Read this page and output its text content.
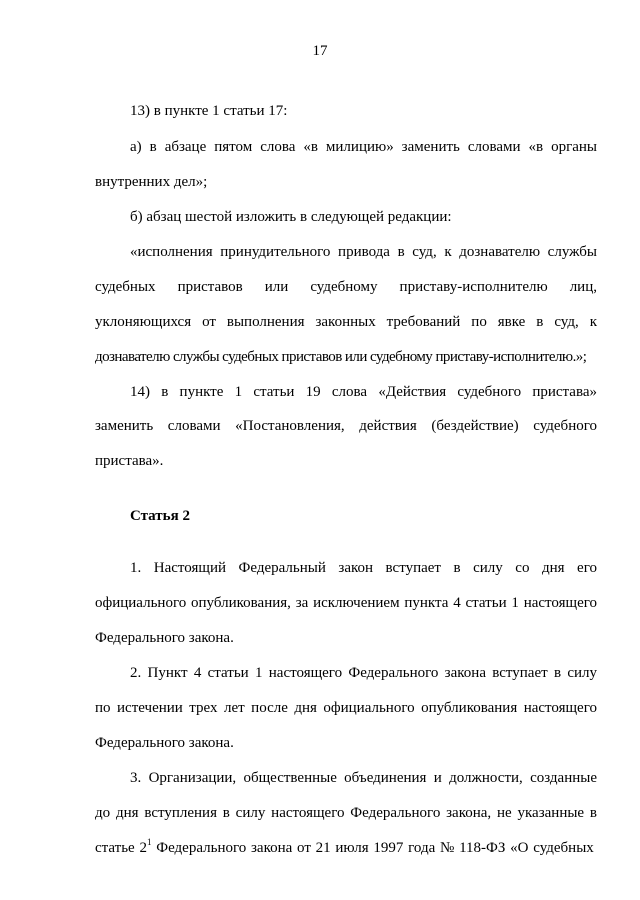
17
13) в пункте 1 статьи 17:
а) в абзаце пятом слова «в милицию» заменить словами «в органы
внутренних дел»;
б) абзац шестой изложить в следующей редакции:
«исполнения принудительного привода в суд, к дознавателю службы
судебных приставов или судебному приставу-исполнителю лиц,
уклоняющихся от выполнения законных требований по явке в суд, к
дознавателю службы судебных приставов или судебному приставу-исполнителю.»;
14) в пункте 1 статьи 19 слова «Действия судебного пристава»
заменить словами «Постановления, действия (бездействие) судебного
пристава».
Статья 2
1. Настоящий Федеральный закон вступает в силу со дня его
официального опубликования, за исключением пункта 4 статьи 1 настоящего
Федерального закона.
2. Пункт 4 статьи 1 настоящего Федерального закона вступает в силу
по истечении трех лет после дня официального опубликования настоящего
Федерального закона.
3. Организации, общественные объединения и должности, созданные
до дня вступления в силу настоящего Федерального закона, не указанные в
статье $2^1$ Федерального закона от 21 июля 1997 года № 118-ФЗ «О судебных
